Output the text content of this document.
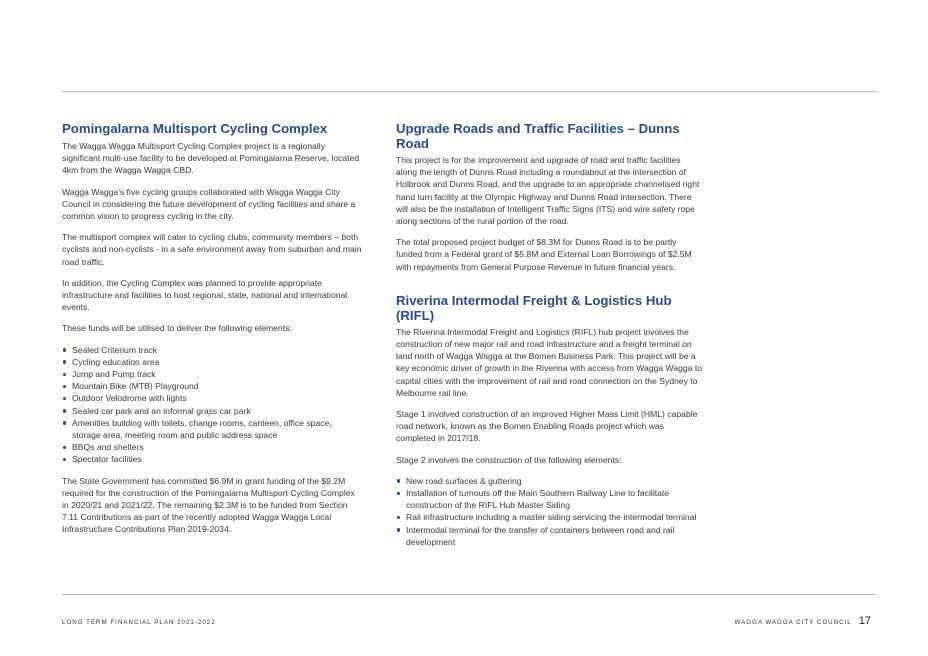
Pomingalarna Multisport Cycling Complex

The Wagga Wagga Multisport Cycling Complex project is a regionally significant multi-use facility to be developed at Pomingalarna Reserve, located 4km from the Wagga Wagga CBD.

Wagga Wagga's five cycling groups collaborated with Wagga Wagga City Council in considering the future development of cycling facilities and share a common vision to progress cycling in the city.

The multisport complex will cater to cycling clubs, community members – both cyclists and non-cyclists - in a safe environment away from suburban and main road traffic.

In addition, the Cycling Complex was planned to provide appropriate infrastructure and facilities to host regional, state, national and international events.

These funds will be utilised to deliver the following elements:

Sealed Criterium track
Cycling education area
Jump and Pump track
Mountain Bike (MTB) Playground
Outdoor Velodrome with lights
Sealed car park and an informal grass car park
Amenities building with toilets, change rooms, canteen, office space, storage area, meeting room and public address space
BBQs and shelters
Spectator facilities

The State Government has committed $6.9M in grant funding of the $9.2M required for the construction of the Pomingalarna Multisport Cycling Complex in 2020/21 and 2021/22. The remaining $2.3M is to be funded from Section 7.11 Contributions as part of the recently adopted Wagga Wagga Local Infrastructure Contributions Plan 2019-2034.

Upgrade Roads and Traffic Facilities – Dunns Road

This project is for the improvement and upgrade of road and traffic facilities along the length of Dunns Road including a roundabout at the intersection of Holbrook and Dunns Road, and the upgrade to an appropriate channelised right hand turn facility at the Olympic Highway and Dunns Road intersection. There will also be the installation of Intelligent Traffic Signs (ITS) and wire safety rope along sections of the rural portion of the road.

The total proposed project budget of $8.3M for Dunns Road is to be partly funded from a Federal grant of $5.8M and External Loan Borrowings of $2.5M with repayments from General Purpose Revenue in future financial years.

Riverina Intermodal Freight & Logistics Hub (RIFL)

The Riverina Intermodal Freight and Logistics (RIFL) hub project involves the construction of new major rail and road infrastructure and a freight terminal on land north of Wagga Wagga at the Bomen Business Park. This project will be a key economic driver of growth in the Riverina with access from Wagga Wagga to capital cities with the improvement of rail and road connection on the Sydney to Melbourne rail line.

Stage 1 involved construction of an improved Higher Mass Limit (HML) capable road network, known as the Bomen Enabling Roads project which was completed in 2017/18.

Stage 2 involves the construction of the following elements:

New road surfaces & guttering
Installation of turnouts off the Main Southern Railway Line to facilitate construction of the RIFL Hub Master Siding
Rail infrastructure including a master siding servicing the intermodal terminal
Intermodal terminal for the transfer of containers between road and rail development
LONG TERM FINANCIAL PLAN 2021-2022	WAGGA WAGGA CITY COUNCIL 17
